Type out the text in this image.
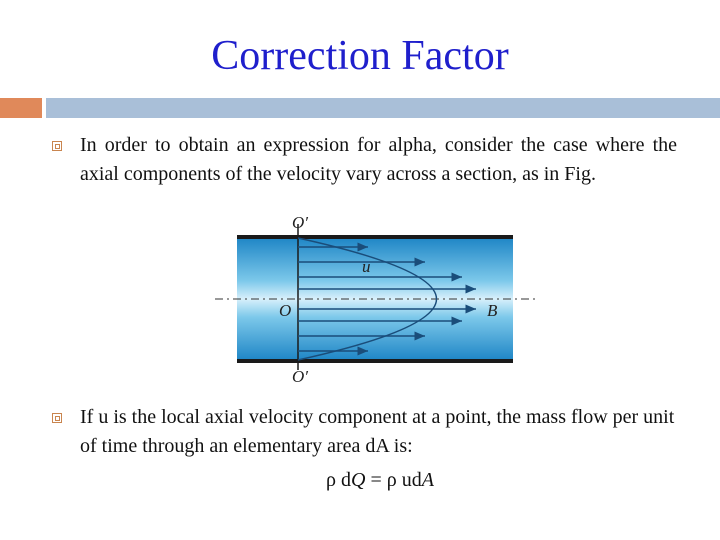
Correction Factor
In order to obtain an expression for alpha, consider the case where the axial components of the velocity vary across a section, as in Fig.
O′
O′
O	B
u
If u is the local axial velocity component at a point, the mass flow per unit of time through an elementary area dA is:
ρ dQ = ρ udA
